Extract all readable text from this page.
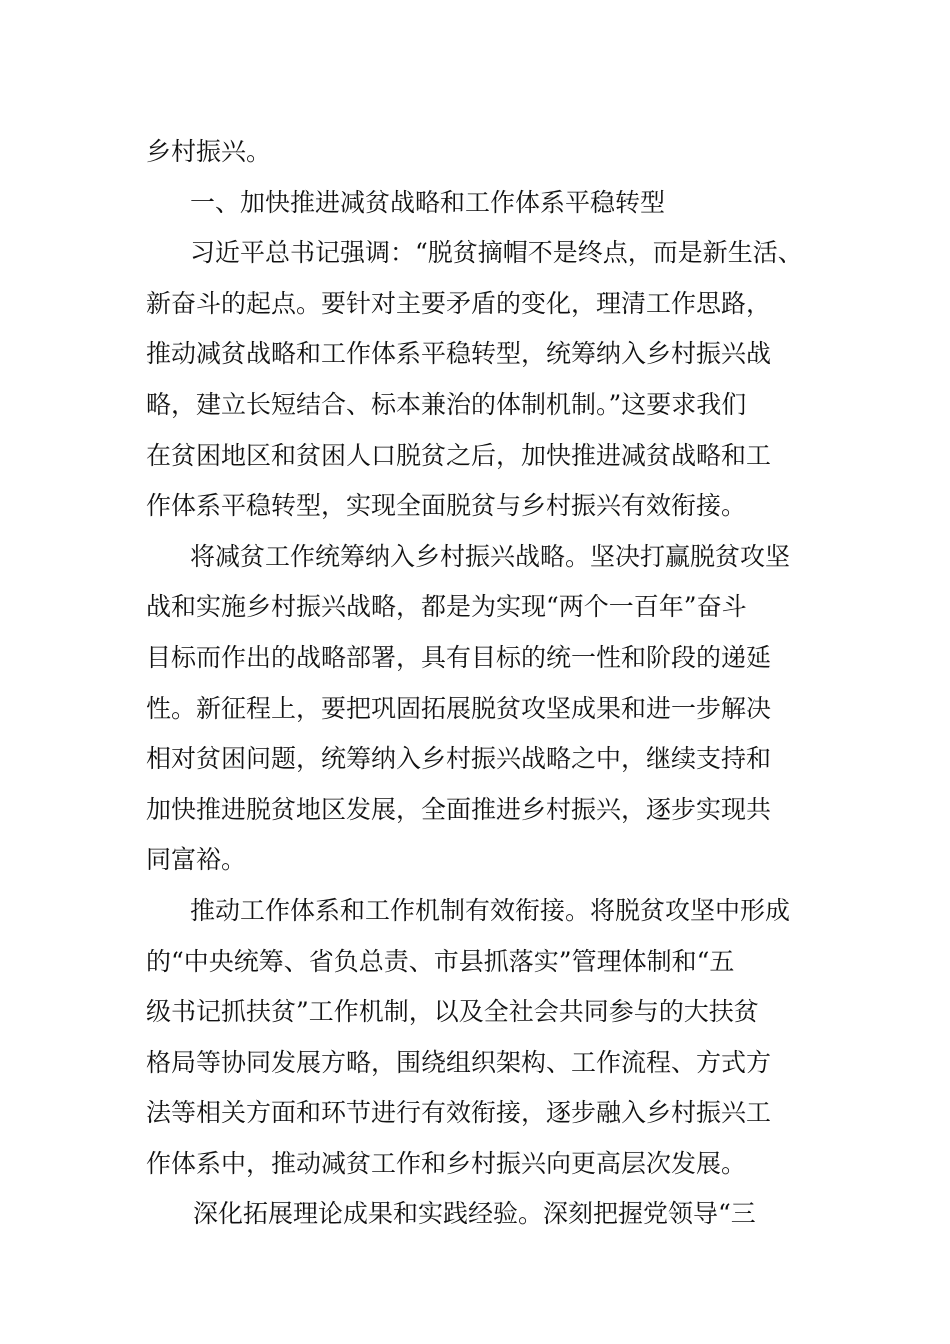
乡村振兴。
一、加快推进减贫战略和工作体系平稳转型
习近平总书记强调：“脱贫摘帽不是终点，而是新生活、
新奋斗的起点。要针对主要矛盾的变化，理清工作思路，
推动减贫战略和工作体系平稳转型，统筹纳入乡村振兴战
略，建立长短结合、标本兼治的体制机制。”这要求我们
在贫困地区和贫困人口脱贫之后，加快推进减贫战略和工
作体系平稳转型，实现全面脱贫与乡村振兴有效衔接。
将减贫工作统筹纳入乡村振兴战略。坚决打赢脱贫攻坚
战和实施乡村振兴战略，都是为实现“两个一百年”奋斗
目标而作出的战略部署，具有目标的统一性和阶段的递延
性。新征程上，要把巩固拓展脱贫攻坚成果和进一步解决
相对贫困问题，统筹纳入乡村振兴战略之中，继续支持和
加快推进脱贫地区发展，全面推进乡村振兴，逐步实现共
同富裕。
推动工作体系和工作机制有效衔接。将脱贫攻坚中形成
的“中央统筹、省负总责、市县抓落实”管理体制和“五
级书记抓扶贫”工作机制，以及全社会共同参与的大扶贫
格局等协同发展方略，围绕组织架构、工作流程、方式方
法等相关方面和环节进行有效衔接，逐步融入乡村振兴工
作体系中，推动减贫工作和乡村振兴向更高层次发展。
深化拓展理论成果和实践经验。深刻把握党领导“三
